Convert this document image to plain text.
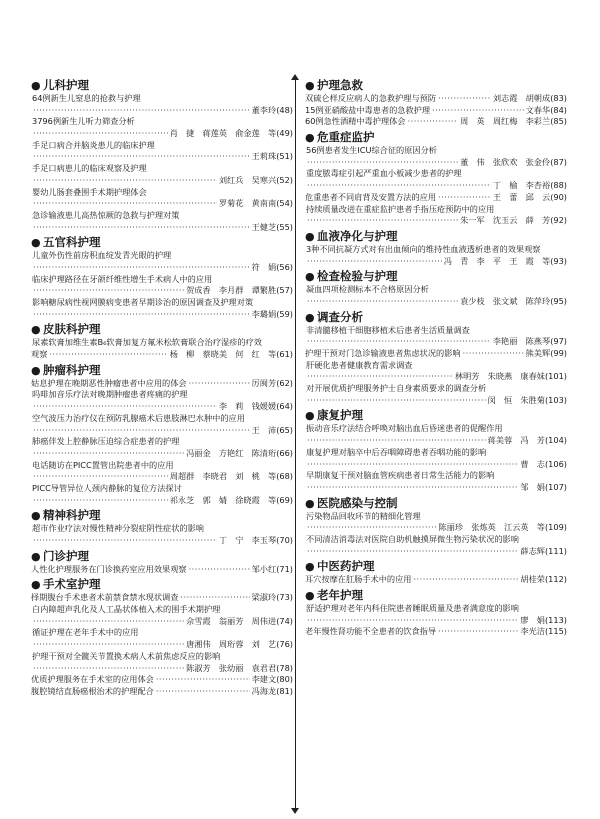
● 儿科护理
64例新生儿窒息的抢救与护理
·····
董李玲 (48)
3796例新生儿听力筛查分析
·····
肖　捷　蒋莲英　俞金莲　等 (49)
手足口病合并脑炎患儿的临床护理
·····
王莉珠 (51)
手足口病患儿的临床观察及护理
·····
刘红兵　吴寒兴 (52)
婴幼儿肠套叠围手术期护理体会
·····
罗菊花　黄南南 (54)
急诊输液患儿高热惊厥的急救与护理对策
·····
王健芝 (55)
● 五官科护理
儿童外伤性前房积血绽发青光眼的护理
·····
符　娟 (56)
临床护理路径在牙颌纤维性增生手术病人中的应用
·····
贺成香　李月群　谭繁胜 (57)
影响糖尿病性视网膜病变患者早期诊治的原因调查及护理对策
·····
李璐娟 (59)
● 皮肤科护理
尿素软膏加维生素B₆软膏加复方氟米松软膏联合治疗湿疹的疗效
观察 ·····	杨　柳　蔡晓美　何　红　等 (61)
● 肿瘤科护理
姑息护理在晚期恶性肿瘤患者中应用的体会 ·····	厉闽芳 (62)
吗啡加音乐疗法对晚期肿瘤患者疼痛的护理
·····
李　莉　钱媛媛 (64)
空气波压力治疗仪在预防乳腺癌术后患肢淋巴水肿中的应用
·····
王　沛 (65)
肺癌伴发上腔静脉压迫综合症患者的护理
·····
冯丽金　方艳红　陈清珩 (66)
电话随访在PICC置管出院患者中的应用
·····
周超群　李晓君　刘　桃　等 (68)
PICC导管异位人颈内静脉的复位方法探讨
·····
祁永芝　郭　婧　徐晓霞　等 (69)
● 精神科护理
超市作业疗法对慢性精神分裂症阴性症状的影响
·····
丁　宁　李玉琴 (70)
● 门诊护理
人性化护理服务在门诊换药室应用效果观察 ·····	邹小红 (71)
● 手术室护理
择期腹台手术患者术前禁食禁水现状调查 ·····	梁淑玲 (73)
白内障超声乳化及人工晶状体植入术的围手术期护理
·····
佘雪霞　翁丽芳　周伟进 (74)
循证护理在老年手术中的应用
·····
唐湘伟　周珩蓉　刘　艺 (76)
护理干预对全髋关节置换术病人术前焦虑反应的影响
·····
陈淑芳　张幼丽　袁君君 (78)
优质护理服务在手术室的应用体会 ·····	李建文 (80)
腹腔镜结直肠癌根治术的护理配合 ·····	冯海龙 (81)
● 护理急救
双硫仑样反应病人的急救护理与预防 ·····	刘志霞　胡朝成 (83)
15例亚硝酸盐中毒患者的急救护理 ·····	文春华 (84)
60例急性酒精中毒护理体会 ·····	周　英　周红梅　李彩兰 (85)
● 危重症监护
56例患者发生ICU综合征的原因分析
·····
董　伟　张欣欢　张金伶 (87)
重度脓毒症引起严重血小板减少患者的护理
·····
丁　榆　李杏裕 (88)
危重患者不同肩背及安置方法的应用 ·····	王　蕾　邱　云 (90)
持续质量改进在重症监护患者手指压疮预防中的应用
·····
朱一军　沈玉云　薛　芳 (92)
● 血液净化与护理
3种不同抗凝方式对有出血倾向的维持性血液透析患者的效果观察
·····
冯　青　李　平　王　霞　等 (93)
● 检查检验与护理
凝血四项检测标本不合格原因分析
·····
袁少枝　张文斌　陈萍玲 (95)
● 调查分析
非清髓移植干细胞移植术后患者生活质量调查
·····
李艳丽　陈燕琴 (97)
护理干预对门急诊输液患者焦虑状况的影响 ·····	熊美辉 (99)
肝硬化患者健康教育需求调查
·····
林明芳　朱晓燕　康春妹 (101)
对开展优质护理服务护士自身素质要求的调查分析
·····
闵　恒　朱胜菊 (103)
● 康复护理
振动音乐疗法结合呼唤对脑出血后昏迷患者的促醒作用
·····
蒋美蓉　冯　芳 (104)
康复护理对脑卒中后吞咽障碍患者吞咽功能的影响
·····
曹　志 (106)
早期康复干预对脑血管疾病患者日常生活能力的影响
·····
邹　娟 (107)
● 医院感染与控制
污染物品回收环节的精细化管理
·····
陈丽珍　张炼英　江云英　等 (109)
不同清洁消毒法对医院自助机触摸屏微生物污染状况的影响
·····
薛志辉 (111)
● 中医药护理
耳穴按摩在肛肠手术中的应用 ·····	胡桂荣 (112)
● 老年护理
舒适护理对老年内科住院患者睡眠质量及患者满意度的影响
·····
廖　娟 (113)
老年慢性肾功能不全患者的饮食指导 ·····	李光洁 (115)
